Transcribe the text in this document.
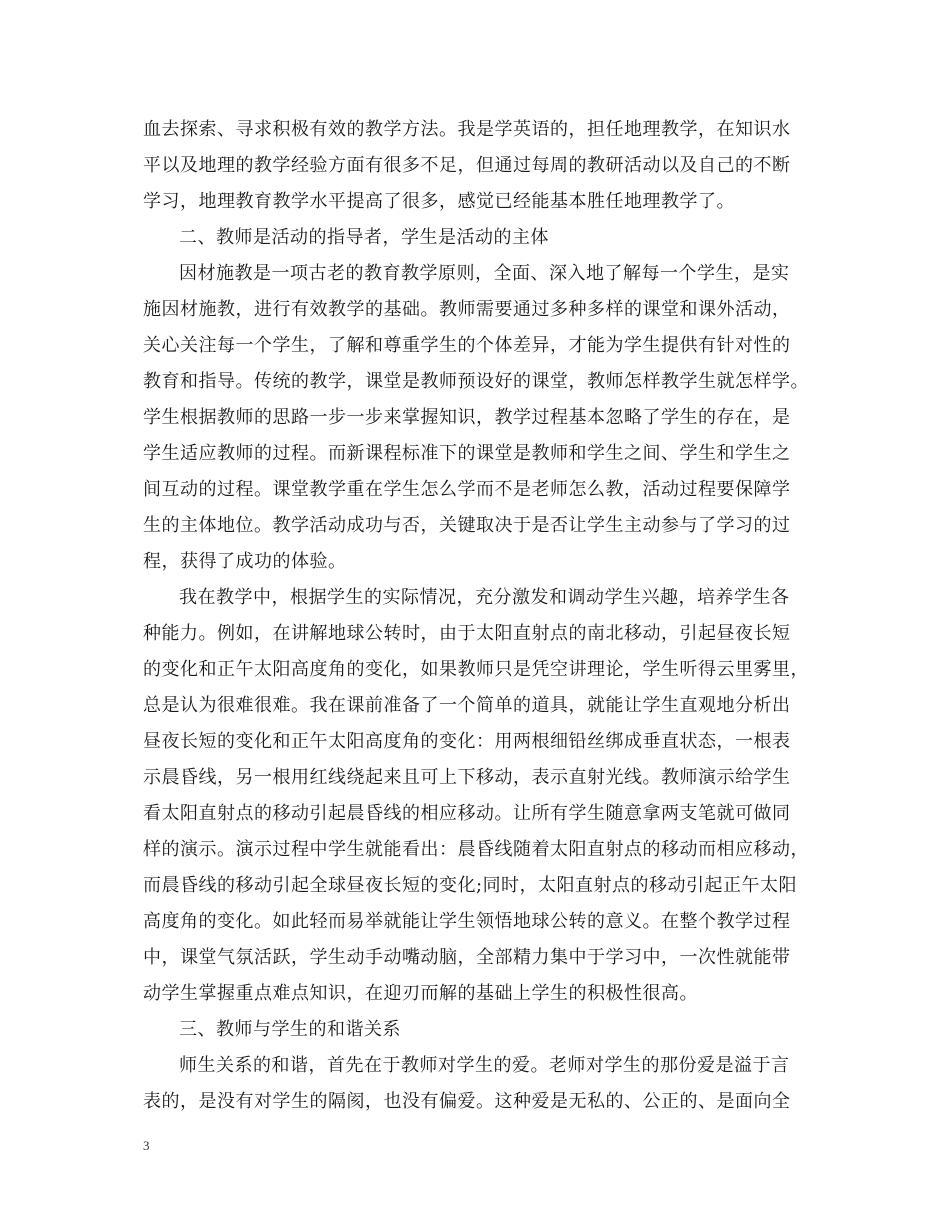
血去探索、寻求积极有效的教学方法。我是学英语的，担任地理教学，在知识水
平以及地理的教学经验方面有很多不足，但通过每周的教研活动以及自己的不断
学习，地理教育教学水平提高了很多，感觉已经能基本胜任地理教学了。
二、教师是活动的指导者，学生是活动的主体
因材施教是一项古老的教育教学原则，全面、深入地了解每一个学生，是实
施因材施教，进行有效教学的基础。教师需要通过多种多样的课堂和课外活动，
关心关注每一个学生，了解和尊重学生的个体差异，才能为学生提供有针对性的
教育和指导。传统的教学，课堂是教师预设好的课堂，教师怎样教学生就怎样学。
学生根据教师的思路一步一步来掌握知识，教学过程基本忽略了学生的存在，是
学生适应教师的过程。而新课程标准下的课堂是教师和学生之间、学生和学生之
间互动的过程。课堂教学重在学生怎么学而不是老师怎么教，活动过程要保障学
生的主体地位。教学活动成功与否，关键取决于是否让学生主动参与了学习的过
程，获得了成功的体验。
我在教学中，根据学生的实际情况，充分激发和调动学生兴趣，培养学生各
种能力。例如，在讲解地球公转时，由于太阳直射点的南北移动，引起昼夜长短
的变化和正午太阳高度角的变化，如果教师只是凭空讲理论，学生听得云里雾里，
总是认为很难很难。我在课前准备了一个简单的道具，就能让学生直观地分析出
昼夜长短的变化和正午太阳高度角的变化：用两根细铅丝绑成垂直状态，一根表
示晨昏线，另一根用红线绕起来且可上下移动，表示直射光线。教师演示给学生
看太阳直射点的移动引起晨昏线的相应移动。让所有学生随意拿两支笔就可做同
样的演示。演示过程中学生就能看出：晨昏线随着太阳直射点的移动而相应移动，
而晨昏线的移动引起全球昼夜长短的变化;同时，太阳直射点的移动引起正午太阳
高度角的变化。如此轻而易举就能让学生领悟地球公转的意义。在整个教学过程
中，课堂气氛活跃，学生动手动嘴动脑，全部精力集中于学习中，一次性就能带
动学生掌握重点难点知识，在迎刃而解的基础上学生的积极性很高。
三、教师与学生的和谐关系
师生关系的和谐，首先在于教师对学生的爱。老师对学生的那份爱是溢于言
表的，是没有对学生的隔阂，也没有偏爱。这种爱是无私的、公正的、是面向全
3
